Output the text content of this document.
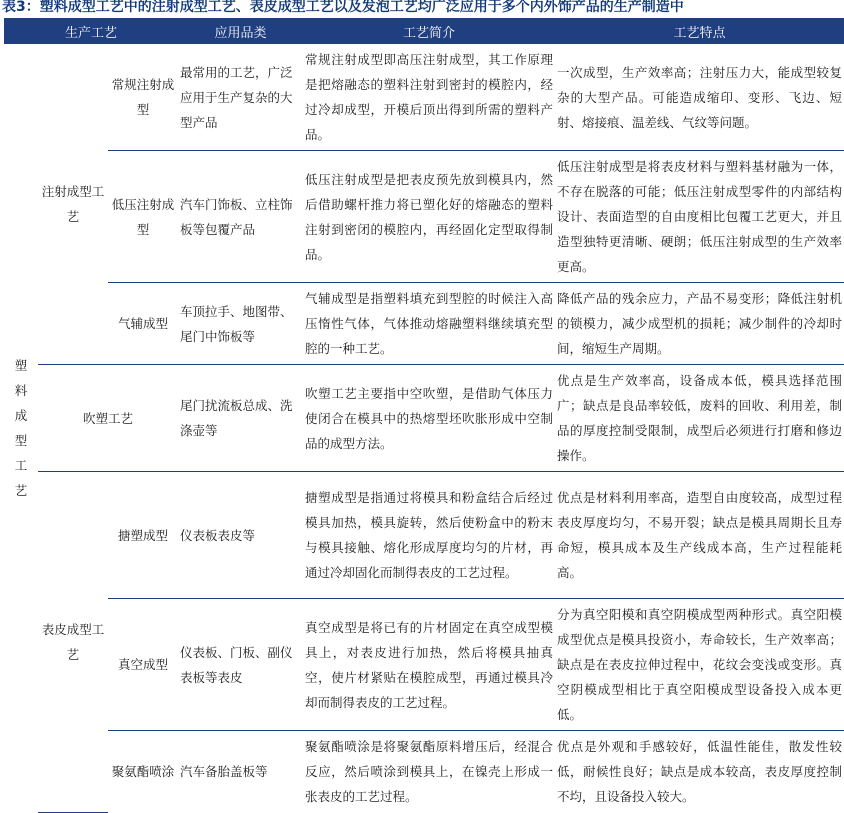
表3：塑料成型工艺中的注射成型工艺、表皮成型工艺以及发泡工艺均广泛应用于多个内外饰产品的生产制造中
生产工艺			应用品类	工艺简介	工艺特点
塑料成型工艺	注射成型工艺	常规注射成型	最常用的工艺，广泛应用于生产复杂的大型产品	常规注射成型即高压注射成型，其工作原理是把熔融态的塑料注射到密封的模腔内，经过冷却成型，开模后顶出得到所需的塑料产品。	一次成型，生产效率高；注射压力大，能成型较复杂的大型产品。可能造成缩印、变形、飞边、短射、熔接痕、温差线、气纹等问题。
		低压注射成型	汽车门饰板、立柱饰板等包覆产品	低压注射成型是把表皮预先放到模具内，然后借助螺杆推力将已塑化好的熔融态的塑料注射到密闭的模腔内，再经固化定型取得制品。	低压注射成型是将表皮材料与塑料基材融为一体，不存在脱落的可能；低压注射成型零件的内部结构设计、表面造型的自由度相比包覆工艺更大，并且造型独特更清晰、硬朗；低压注射成型的生产效率更高。
		气辅成型	车顶拉手、地图带、尾门中饰板等	气辅成型是指塑料填充到型腔的时候注入高压惰性气体，气体推动熔融塑料继续填充型腔的一种工艺。	降低产品的残余应力，产品不易变形；降低注射机的锁模力，减少成型机的损耗；减少制件的冷却时间，缩短生产周期。
	吹塑工艺		尾门扰流板总成、洗涤壶等	吹塑工艺主要指中空吹塑，是借助气体压力使闭合在模具中的热熔型坯吹胀形成中空制品的成型方法。	优点是生产效率高，设备成本低，模具选择范围广；缺点是良品率较低，废料的回收、利用差，制品的厚度控制受限制，成型后必须进行打磨和修边操作。
	表皮成型工艺	搪塑成型	仪表板表皮等	搪塑成型是指通过将模具和粉盒结合后经过模具加热，模具旋转，然后使粉盒中的粉末与模具接触、熔化形成厚度均匀的片材，再通过冷却固化而制得表皮的工艺过程。	优点是材料利用率高，造型自由度较高，成型过程表皮厚度均匀，不易开裂；缺点是模具周期长且寿命短，模具成本及生产线成本高，生产过程能耗高。
		真空成型	仪表板、门板、副仪表板等表皮	真空成型是将已有的片材固定在真空成型模具上，对表皮进行加热，然后将模具抽真空，使片材紧贴在模腔成型，再通过模具冷却而制得表皮的工艺过程。	分为真空阳模和真空阴模成型两种形式。真空阳模成型优点是模具投资小，寿命较长，生产效率高；缺点是在表皮拉伸过程中，花纹会变浅或变形。真空阴模成型相比于真空阳模成型设备投入成本更低。
		聚氨酯喷涂	汽车备胎盖板等	聚氨酯喷涂是将聚氨酯原料增压后，经混合反应，然后喷涂到模具上，在镍壳上形成一张表皮的工艺过程。	优点是外观和手感较好，低温性能佳，散发性较低，耐候性良好；缺点是成本较高，表皮厚度控制不均，且设备投入较大。
